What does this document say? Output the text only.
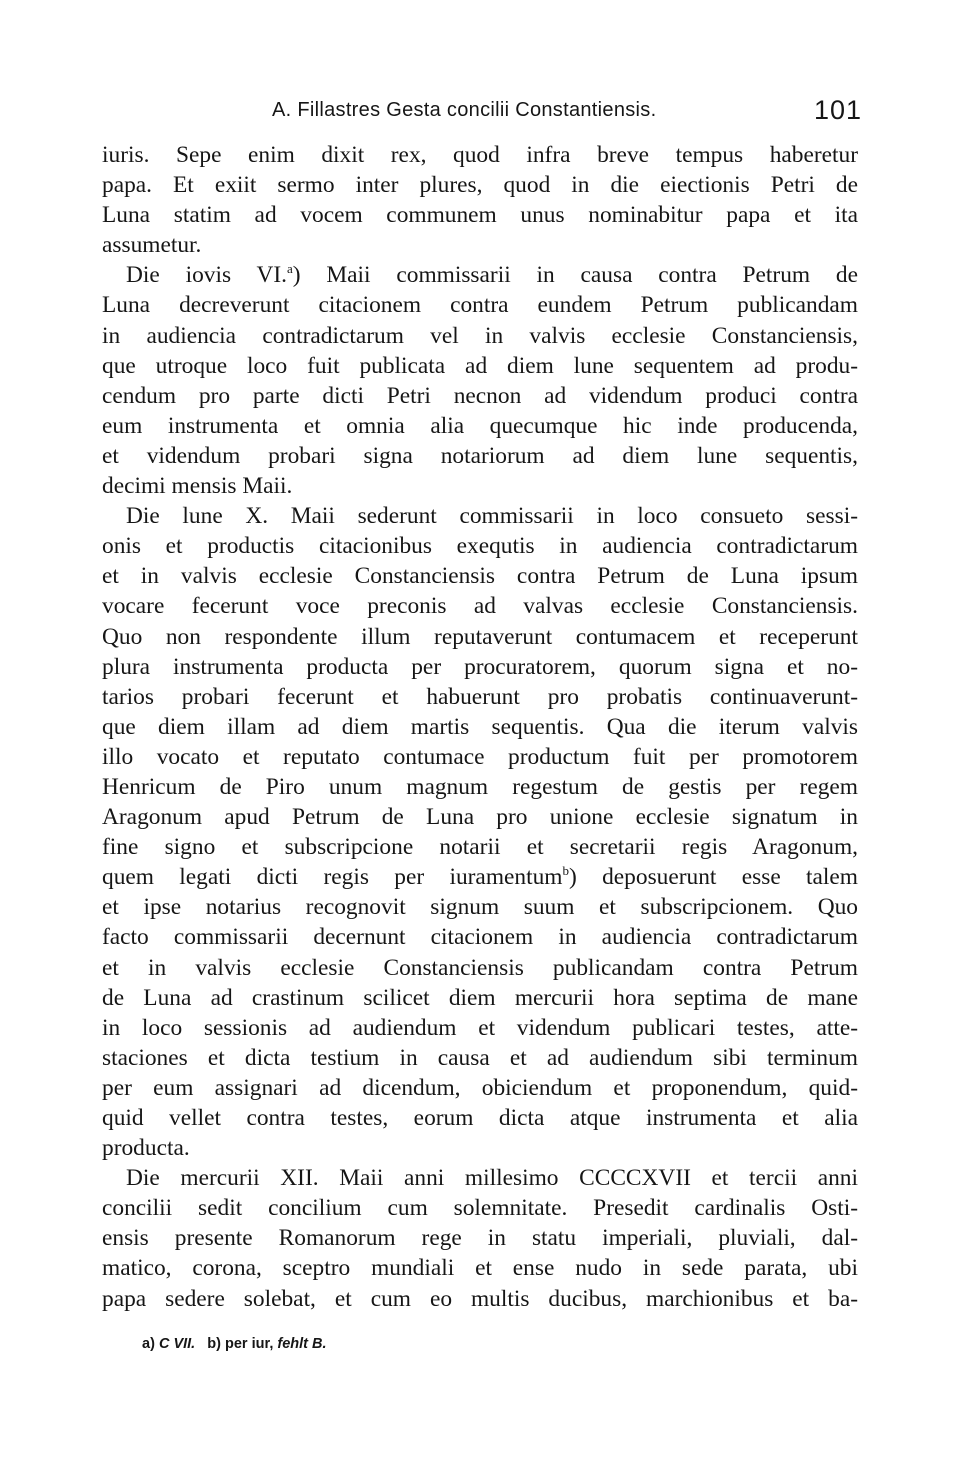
A. Fillastres Gesta concilii Constantiensis.	101
iuris. Sepe enim dixit rex, quod infra breve tempus haberetur
papa. Et exiit sermo inter plures, quod in die eiectionis Petri de
Luna statim ad vocem communem unus nominabitur papa et ita
assumetur.
Die iovis VI.$^a$) Maii commissarii in causa contra Petrum de
Luna decreverunt citacionem contra eundem Petrum publicandam
in audiencia contradictarum vel in valvis ecclesie Constanciensis,
que utroque loco fuit publicata ad diem lune sequentem ad produ-
cendum pro parte dicti Petri necnon ad videndum produci contra
eum instrumenta et omnia alia quecumque hic inde producenda,
et videndum probari signa notariorum ad diem lune sequentis,
decimi mensis Maii.
Die lune X. Maii sederunt commissarii in loco consueto sessi-
onis et productis citacionibus exequtis in audiencia contradictarum
et in valvis ecclesie Constanciensis contra Petrum de Luna ipsum
vocare fecerunt voce preconis ad valvas ecclesie Constanciensis.
Quo non respondente illum reputaverunt contumacem et receperunt
plura instrumenta producta per procuratorem, quorum signa et no-
tarios probari fecerunt et habuerunt pro probatis continuaverunt-
que diem illam ad diem martis sequentis. Qua die iterum valvis
illo vocato et reputato contumace productum fuit per promotorem
Henricum de Piro unum magnum regestum de gestis per regem
Aragonum apud Petrum de Luna pro unione ecclesie signatum in
fine signo et subscripcione notarii et secretarii regis Aragonum,
quem legati dicti regis per iuramentum$^b$) deposuerunt esse talem
et ipse notarius recognovit signum suum et subscripcionem. Quo
facto commissarii decernunt citacionem in audiencia contradictarum
et in valvis ecclesie Constanciensis publicandam contra Petrum
de Luna ad crastinum scilicet diem mercurii hora septima de mane
in loco sessionis ad audiendum et videndum publicari testes, atte-
staciones et dicta testium in causa et ad audiendum sibi terminum
per eum assignari ad dicendum, obiciendum et proponendum, quid-
quid vellet contra testes, eorum dicta atque instrumenta et alia
producta.
Die mercurii XII. Maii anni millesimo CCCCXVII et tercii anni
concilii sedit concilium cum solemnitate. Presedit cardinalis Osti-
ensis presente Romanorum rege in statu imperiali, pluviali, dal-
matico, corona, sceptro mundiali et ense nudo in sede parata, ubi
papa sedere solebat, et cum eo multis ducibus, marchionibus et ba-
a) C VII. b) per iur, fehlt B.
